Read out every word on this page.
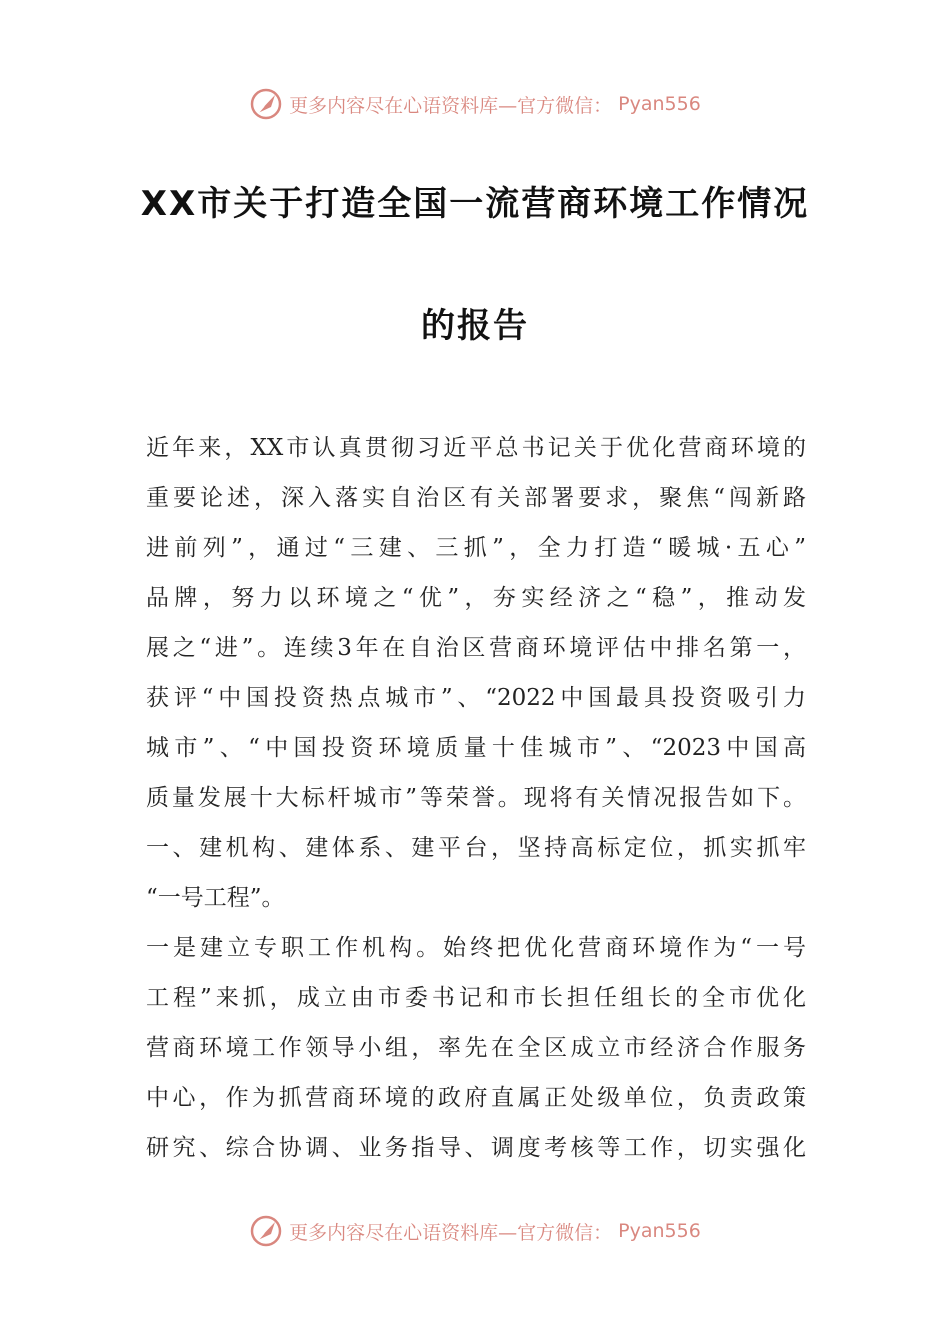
更多内容尽在心语资料库—官方微信： Pyan556
XX市关于打造全国一流营商环境工作情况
的报告
近年来，XX市认真贯彻习近平总书记关于优化营商环境的
重要论述，深入落实自治区有关部署要求，聚焦“闯新路
进前列”，通过“三建、三抓”，全力打造“暖城·五心”
品牌，努力以环境之“优”，夯实经济之“稳”，推动发
展之“进”。连续3年在自治区营商环境评估中排名第一，
获评“中国投资热点城市”、“2022中国最具投资吸引力
城市”、“中国投资环境质量十佳城市”、“2023中国高
质量发展十大标杆城市”等荣誉。现将有关情况报告如下。
一、建机构、建体系、建平台，坚持高标定位，抓实抓牢
“一号工程”。
一是建立专职工作机构。始终把优化营商环境作为“一号
工程”来抓，成立由市委书记和市长担任组长的全市优化
营商环境工作领导小组，率先在全区成立市经济合作服务
中心，作为抓营商环境的政府直属正处级单位，负责政策
研究、综合协调、业务指导、调度考核等工作，切实强化
更多内容尽在心语资料库—官方微信： Pyan556
